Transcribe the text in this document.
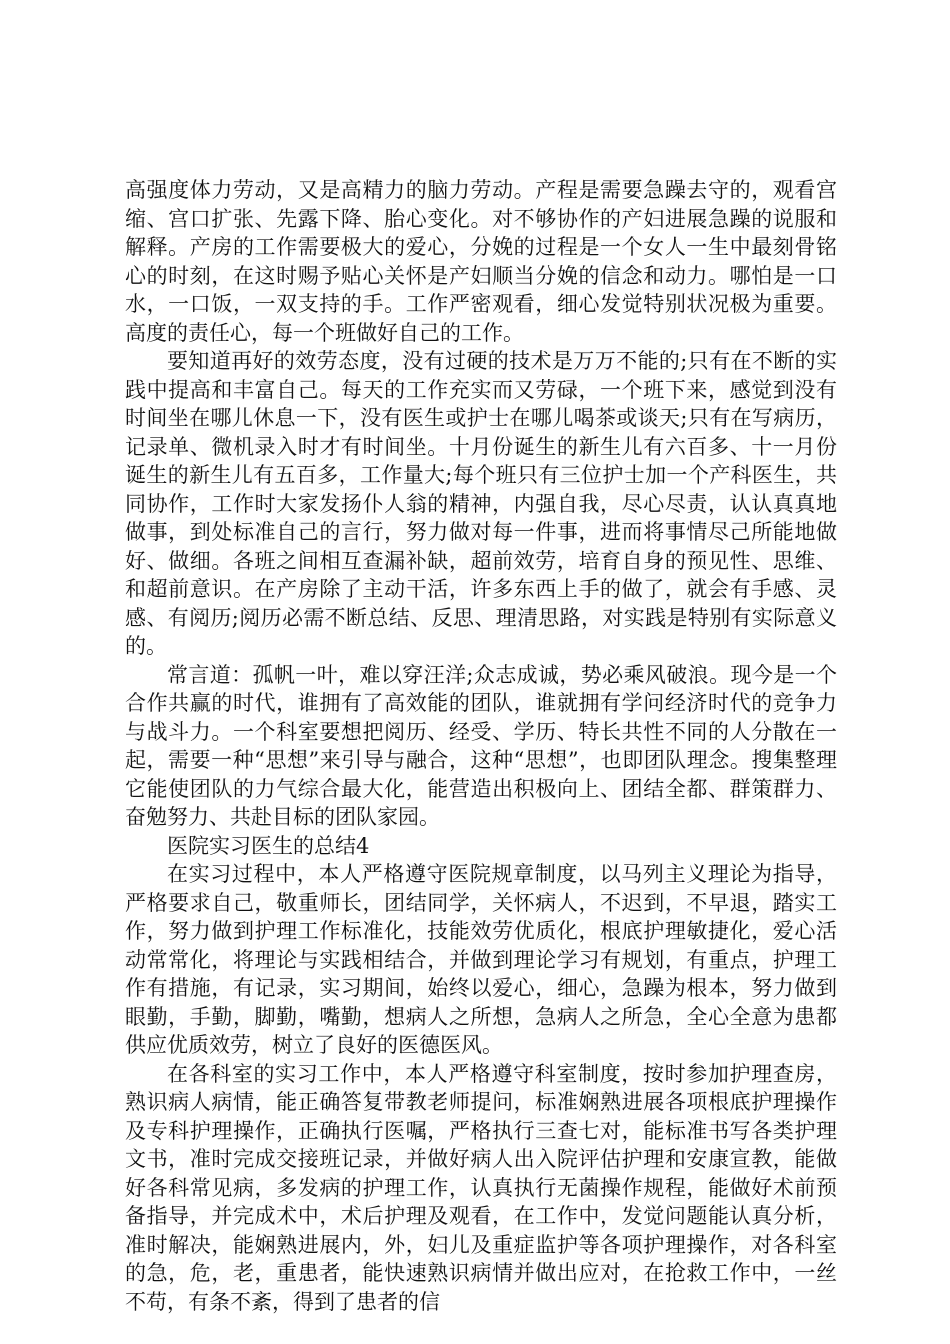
高强度体力劳动，又是高精力的脑力劳动。产程是需要急躁去守的，观看宫缩、宫口扩张、先露下降、胎心变化。对不够协作的产妇进展急躁的说服和解释。产房的工作需要极大的爱心，分娩的过程是一个女人一生中最刻骨铭心的时刻，在这时赐予贴心关怀是产妇顺当分娩的信念和动力。哪怕是一口水，一口饭，一双支持的手。工作严密观看，细心发觉特别状况极为重要。高度的责任心，每一个班做好自己的工作。

要知道再好的效劳态度，没有过硬的技术是万万不能的;只有在不断的实践中提高和丰富自己。每天的工作充实而又劳碌，一个班下来，感觉到没有时间坐在哪儿休息一下，没有医生或护士在哪儿喝茶或谈天;只有在写病历，记录单、微机录入时才有时间坐。十月份诞生的新生儿有六百多、十一月份诞生的新生儿有五百多，工作量大;每个班只有三位护士加一个产科医生，共同协作，工作时大家发扬仆人翁的精神，内强自我，尽心尽责，认认真真地做事，到处标准自己的言行，努力做对每一件事，进而将事情尽己所能地做好、做细。各班之间相互查漏补缺，超前效劳，培育自身的预见性、思维、和超前意识。在产房除了主动干活，许多东西上手的做了，就会有手感、灵感、有阅历;阅历必需不断总结、反思、理清思路，对实践是特别有实际意义的。

常言道：孤帆一叶，难以穿汪洋;众志成诚，势必乘风破浪。现今是一个合作共赢的时代，谁拥有了高效能的团队，谁就拥有学问经济时代的竞争力与战斗力。一个科室要想把阅历、经受、学历、特长共性不同的人分散在一起，需要一种“思想”来引导与融合，这种“思想”，也即团队理念。搜集整理它能使团队的力气综合最大化，能营造出积极向上、团结全都、群策群力、奋勉努力、共赴目标的团队家园。

医院实习医生的总结4

在实习过程中，本人严格遵守医院规章制度，以马列主义理论为指导，严格要求自己，敬重师长，团结同学，关怀病人，不迟到，不早退，踏实工作，努力做到护理工作标准化，技能效劳优质化，根底护理敏捷化，爱心活动常常化，将理论与实践相结合，并做到理论学习有规划，有重点，护理工作有措施，有记录，实习期间，始终以爱心，细心，急躁为根本，努力做到眼勤，手勤，脚勤，嘴勤，想病人之所想，急病人之所急，全心全意为患都供应优质效劳，树立了良好的医德医风。

在各科室的实习工作中，本人严格遵守科室制度，按时参加护理查房，熟识病人病情，能正确答复带教老师提问，标准娴熟进展各项根底护理操作及专科护理操作，正确执行医嘱，严格执行三查七对，能标准书写各类护理文书，准时完成交接班记录，并做好病人出入院评估护理和安康宣教，能做好各科常见病，多发病的护理工作，认真执行无菌操作规程，能做好术前预备指导，并完成术中，术后护理及观看，在工作中，发觉问题能认真分析，准时解决，能娴熟进展内，外，妇儿及重症监护等各项护理操作，对各科室的急，危，老，重患者，能快速熟识病情并做出应对，在抢救工作中，一丝不苟，有条不紊，得到了患者的信
